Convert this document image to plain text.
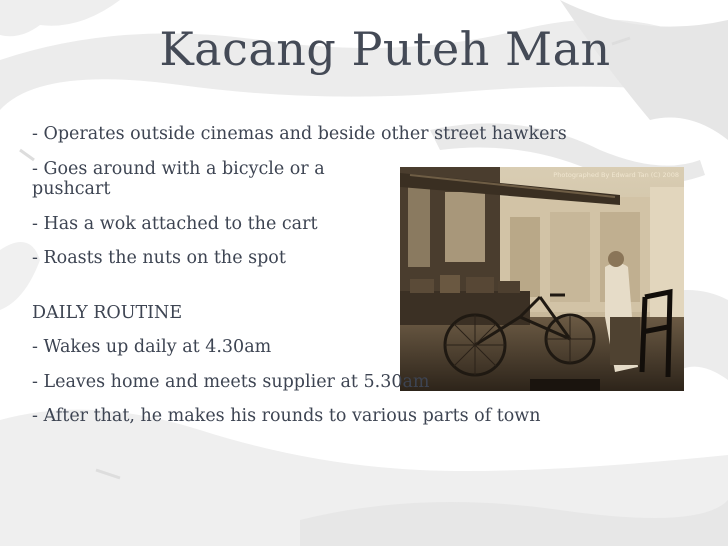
Kacang Puteh Man
- Operates outside cinemas and beside other street hawkers
- Goes around with a bicycle or a
pushcart
- Has a wok attached to the cart
- Roasts the nuts on the spot
DAILY ROUTINE
- Wakes up daily at 4.30am
- Leaves home and meets supplier at 5.30am
- After that, he makes his rounds to various parts of town
Photographed By Edward Tan (C) 2008
